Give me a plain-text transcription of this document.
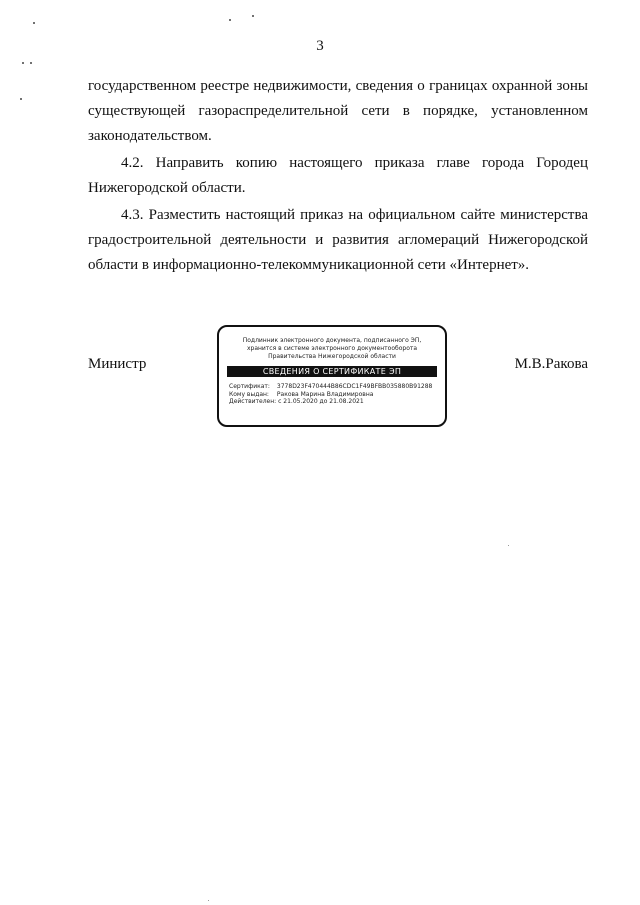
3

государственном реестре недвижимости, сведения о границах охранной зоны существующей газораспределительной сети в порядке, установленном законодательством.

4.2. Направить копию настоящего приказа главе города Городец Нижегородской области.

4.3. Разместить настоящий приказ на официальном сайте министерства градостроительной деятельности и развития агломераций Нижегородской области в информационно-телекоммуникационной сети «Интернет».

Министр
Подлинник электронного документа, подписанного ЭП, хранится в системе электронного документооборота Правительства Нижегородской области
СВЕДЕНИЯ О СЕРТИФИКАТЕ ЭП
Сертификат: 3778D23F470444B86CDC1F49BFBB035880B91288
Кому выдан: Ракова Марина Владимировна
Действителен: с 21.05.2020 до 21.08.2021
М.В.Ракова
